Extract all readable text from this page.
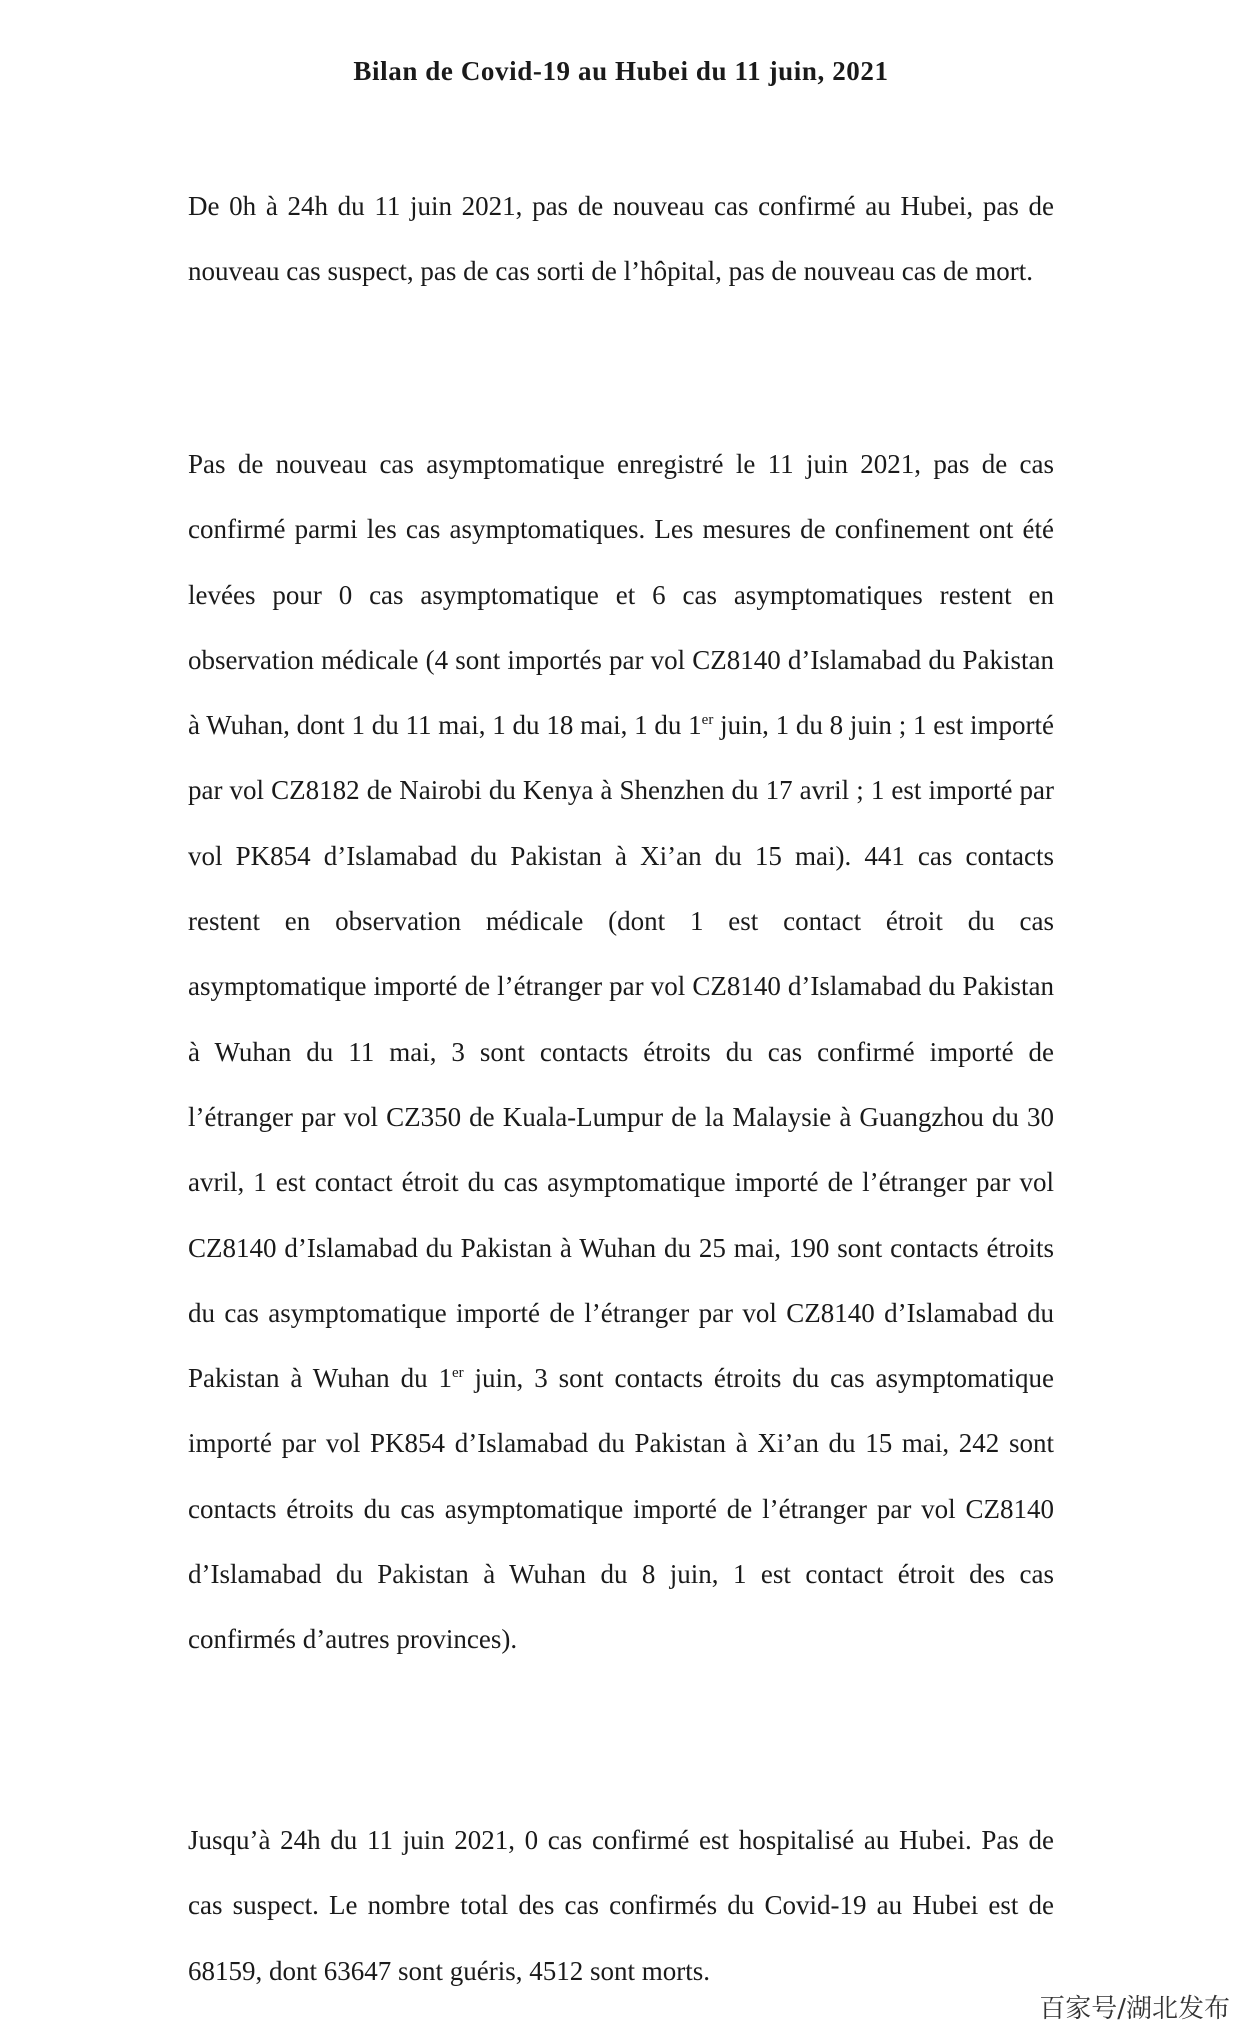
Bilan de Covid-19 au Hubei du 11 juin, 2021

De 0h à 24h du 11 juin 2021, pas de nouveau cas confirmé au Hubei, pas de nouveau cas suspect, pas de cas sorti de l’hôpital, pas de nouveau cas de mort.

Pas de nouveau cas asymptomatique enregistré le 11 juin 2021, pas de cas confirmé parmi les cas asymptomatiques. Les mesures de confinement ont été levées pour 0 cas asymptomatique et 6 cas asymptomatiques restent en observation médicale (4 sont importés par vol CZ8140 d’Islamabad du Pakistan à Wuhan, dont 1 du 11 mai, 1 du 18 mai, 1 du 1er juin, 1 du 8 juin ; 1 est importé par vol CZ8182 de Nairobi du Kenya à Shenzhen du 17 avril ; 1 est importé par vol PK854 d’Islamabad du Pakistan à Xi’an du 15 mai). 441 cas contacts restent en observation médicale (dont 1 est contact étroit du cas asymptomatique importé de l’étranger par vol CZ8140 d’Islamabad du Pakistan à Wuhan du 11 mai, 3 sont contacts étroits du cas confirmé importé de l’étranger par vol CZ350 de Kuala-Lumpur de la Malaysie à Guangzhou du 30 avril, 1 est contact étroit du cas asymptomatique importé de l’étranger par vol CZ8140 d’Islamabad du Pakistan à Wuhan du 25 mai, 190 sont contacts étroits du cas asymptomatique importé de l’étranger par vol CZ8140 d’Islamabad du Pakistan à Wuhan du 1er juin, 3 sont contacts étroits du cas asymptomatique importé par vol PK854 d’Islamabad du Pakistan à Xi’an du 15 mai, 242 sont contacts étroits du cas asymptomatique importé de l’étranger par vol CZ8140 d’Islamabad du Pakistan à Wuhan du 8 juin, 1 est contact étroit des cas confirmés d’autres provinces).

Jusqu’à 24h du 11 juin 2021, 0 cas confirmé est hospitalisé au Hubei. Pas de cas suspect. Le nombre total des cas confirmés du Covid-19 au Hubei est de 68159, dont 63647 sont guéris, 4512 sont morts.

百家号/湖北发布
